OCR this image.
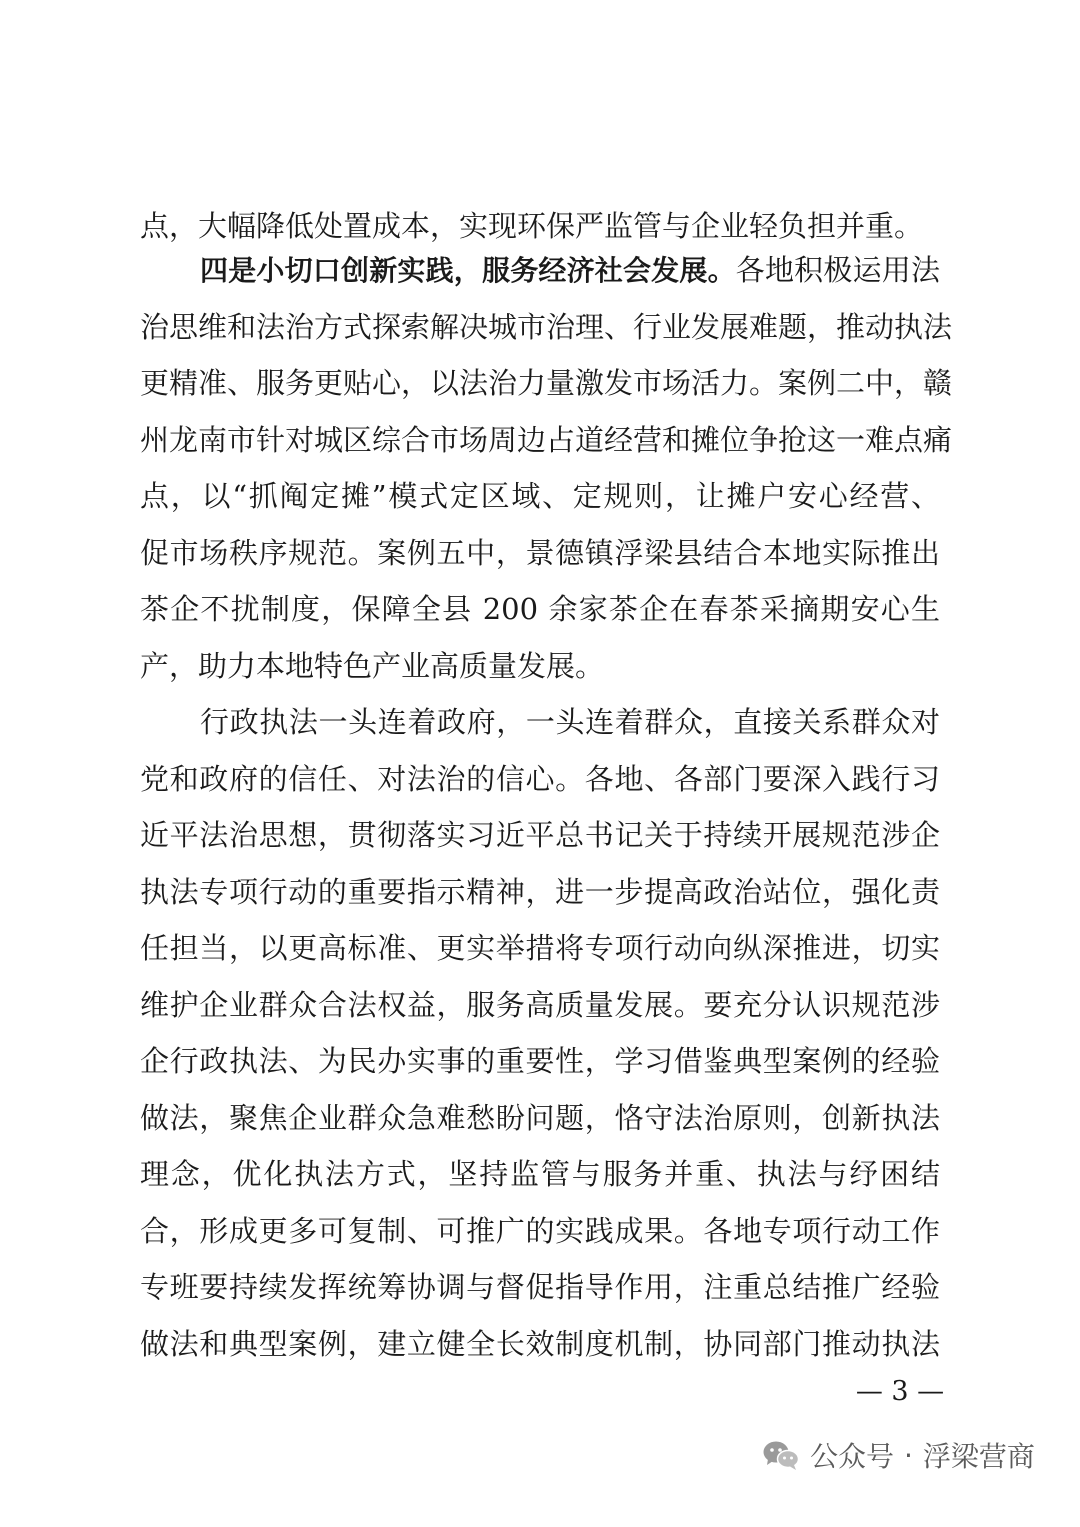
点，大幅降低处置成本，实现环保严监管与企业轻负担并重。
四是小切口创新实践，服务经济社会发展。各地积极运用法
治思维和法治方式探索解决城市治理、行业发展难题，推动执法
更精准、服务更贴心，以法治力量激发市场活力。案例二中，赣
州龙南市针对城区综合市场周边占道经营和摊位争抢这一难点痛
点，以“抓阄定摊”模式定区域、定规则，让摊户安心经营、
促市场秩序规范。案例五中，景德镇浮梁县结合本地实际推出
茶企不扰制度，保障全县 200 余家茶企在春茶采摘期安心生
产，助力本地特色产业高质量发展。
行政执法一头连着政府，一头连着群众，直接关系群众对
党和政府的信任、对法治的信心。各地、各部门要深入践行习
近平法治思想，贯彻落实习近平总书记关于持续开展规范涉企
执法专项行动的重要指示精神，进一步提高政治站位，强化责
任担当，以更高标准、更实举措将专项行动向纵深推进，切实
维护企业群众合法权益，服务高质量发展。要充分认识规范涉
企行政执法、为民办实事的重要性，学习借鉴典型案例的经验
做法，聚焦企业群众急难愁盼问题，恪守法治原则，创新执法
理念，优化执法方式，坚持监管与服务并重、执法与纾困结
合，形成更多可复制、可推广的实践成果。各地专项行动工作
专班要持续发挥统筹协调与督促指导作用，注重总结推广经验
做法和典型案例，建立健全长效制度机制，协同部门推动执法
— 3 —
公众号 · 浮梁营商
